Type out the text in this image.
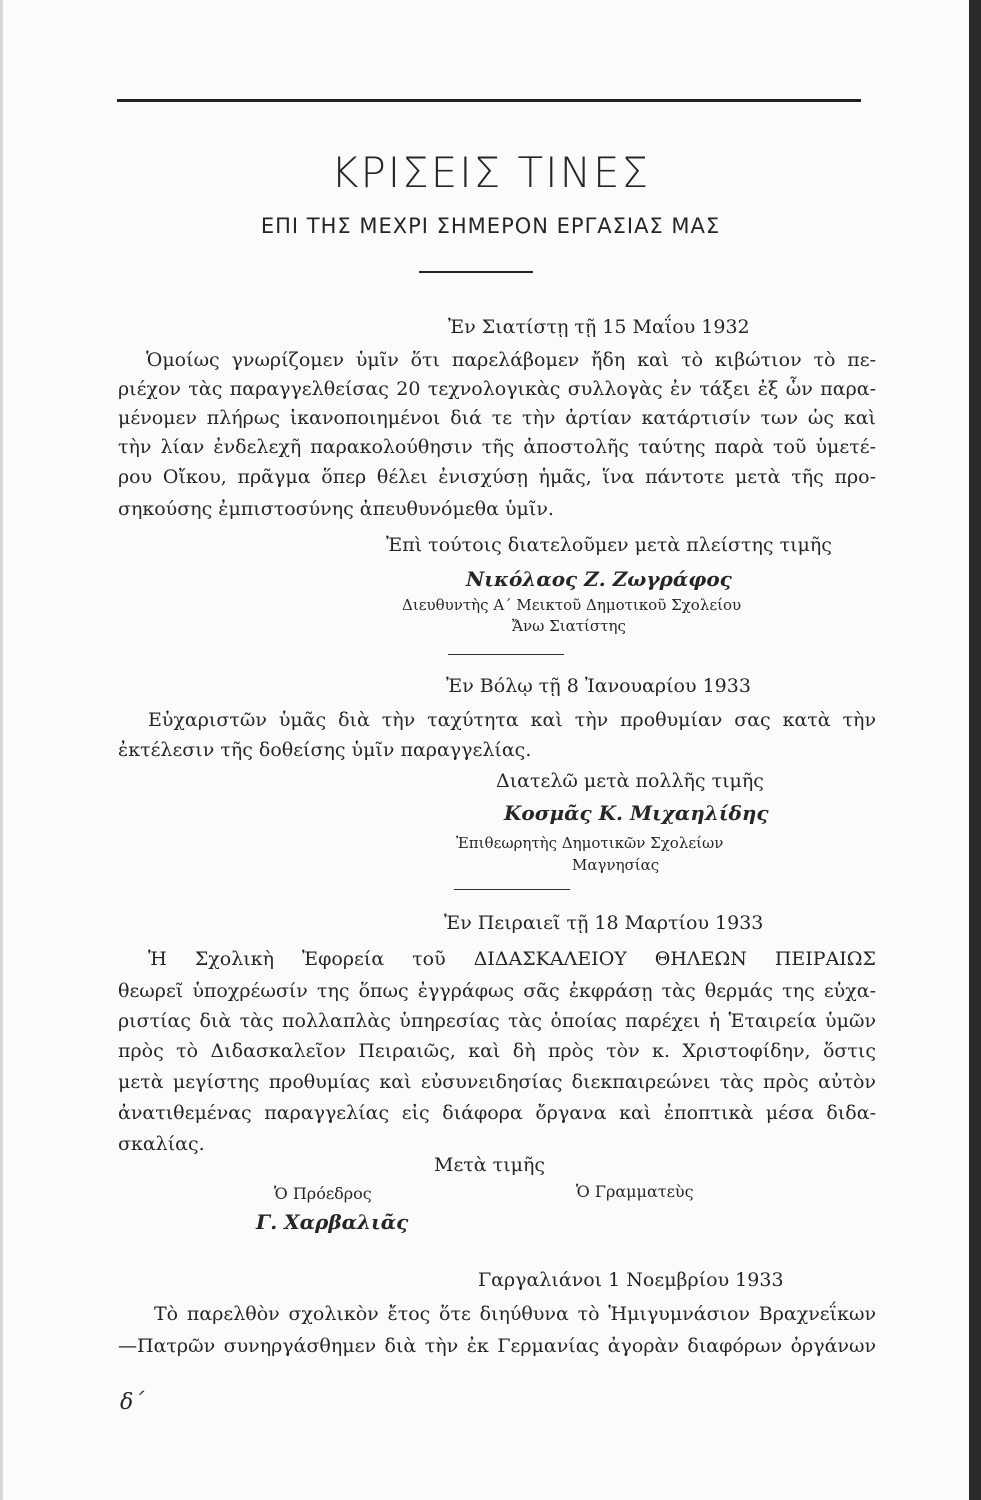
ΚΡΙΣΕΙΣ ΤΙΝΕΣ
ΕΠΙ ΤΗΣ ΜΕΧΡΙ ΣΗΜΕΡΟΝ ΕΡΓΑΣΙΑΣ ΜΑΣ
Ἐν Σιατίστῃ τῇ 15 Μαΐου 1932
Ὁμοίως γνωρίζομεν ὑμῖν ὅτι παρελάβομεν ἤδη καὶ τὸ κιβώτιον τὸ πε-
ριέχον τὰς παραγγελθείσας 20 τεχνολογικὰς συλλογὰς ἐν τάξει ἐξ ὧν παρα-
μένομεν πλήρως ἱκανοποιημένοι διά τε τὴν ἀρτίαν κατάρτισίν των ὡς καὶ
τὴν λίαν ἐνδελεχῆ παρακολούθησιν τῆς ἀποστολῆς ταύτης παρὰ τοῦ ὑμετέ-
ρου Οἴκου, πρᾶγμα ὅπερ θέλει ἐνισχύσῃ ἡμᾶς, ἵνα πάντοτε μετὰ τῆς προ-
σηκούσης ἐμπιστοσύνης ἀπευθυνόμεθα ὑμῖν.
Ἐπὶ τούτοις διατελοῦμεν μετὰ πλείστης τιμῆς
Νικόλαος Ζ. Ζωγράφος
Διευθυντὴς Α΄ Μεικτοῦ Δημοτικοῦ Σχολείου
Ἄνω Σιατίστης
Ἐν Βόλῳ τῇ 8 Ἰανουαρίου 1933
Εὐχαριστῶν ὑμᾶς διὰ τὴν ταχύτητα καὶ τὴν προθυμίαν σας κατὰ τὴν
ἐκτέλεσιν τῆς δοθείσης ὑμῖν παραγγελίας.
Διατελῶ μετὰ πολλῆς τιμῆς
Κοσμᾶς Κ. Μιχαηλίδης
Ἐπιθεωρητὴς Δημοτικῶν Σχολείων
Μαγνησίας
Ἐν Πειραιεῖ τῇ 18 Μαρτίου 1933
Ἡ Σχολικὴ Ἐφορεία τοῦ ΔΙΔΑΣΚΑΛΕΙΟΥ ΘΗΛΕΩΝ ΠΕΙΡΑΙΩΣ
θεωρεῖ ὑποχρέωσίν της ὅπως ἐγγράφως σᾶς ἐκφράσῃ τὰς θερμάς της εὐχα-
ριστίας διὰ τὰς πολλαπλὰς ὑπηρεσίας τὰς ὁποίας παρέχει ἡ Ἑταιρεία ὑμῶν
πρὸς τὸ Διδασκαλεῖον Πειραιῶς, καὶ δὴ πρὸς τὸν κ. Χριστοφίδην, ὅστις
μετὰ μεγίστης προθυμίας καὶ εὐσυνειδησίας διεκπαιρεώνει τὰς πρὸς αὐτὸν
ἀνατιθεμένας παραγγελίας εἰς διάφορα ὄργανα καὶ ἐποπτικὰ μέσα διδα-
σκαλίας.
Μετὰ τιμῆς
Ὁ Πρόεδρος	Ὁ Γραμματεὺς
Γ. Χαρβαλιᾶς
Γαργαλιάνοι 1 Νοεμβρίου 1933
Τὸ παρελθὸν σχολικὸν ἔτος ὅτε διηύθυνα τὸ Ἡμιγυμνάσιον Βραχνεΐκων
—Πατρῶν συνηργάσθημεν διὰ τὴν ἐκ Γερμανίας ἀγορὰν διαφόρων ὀργάνων
δ΄
